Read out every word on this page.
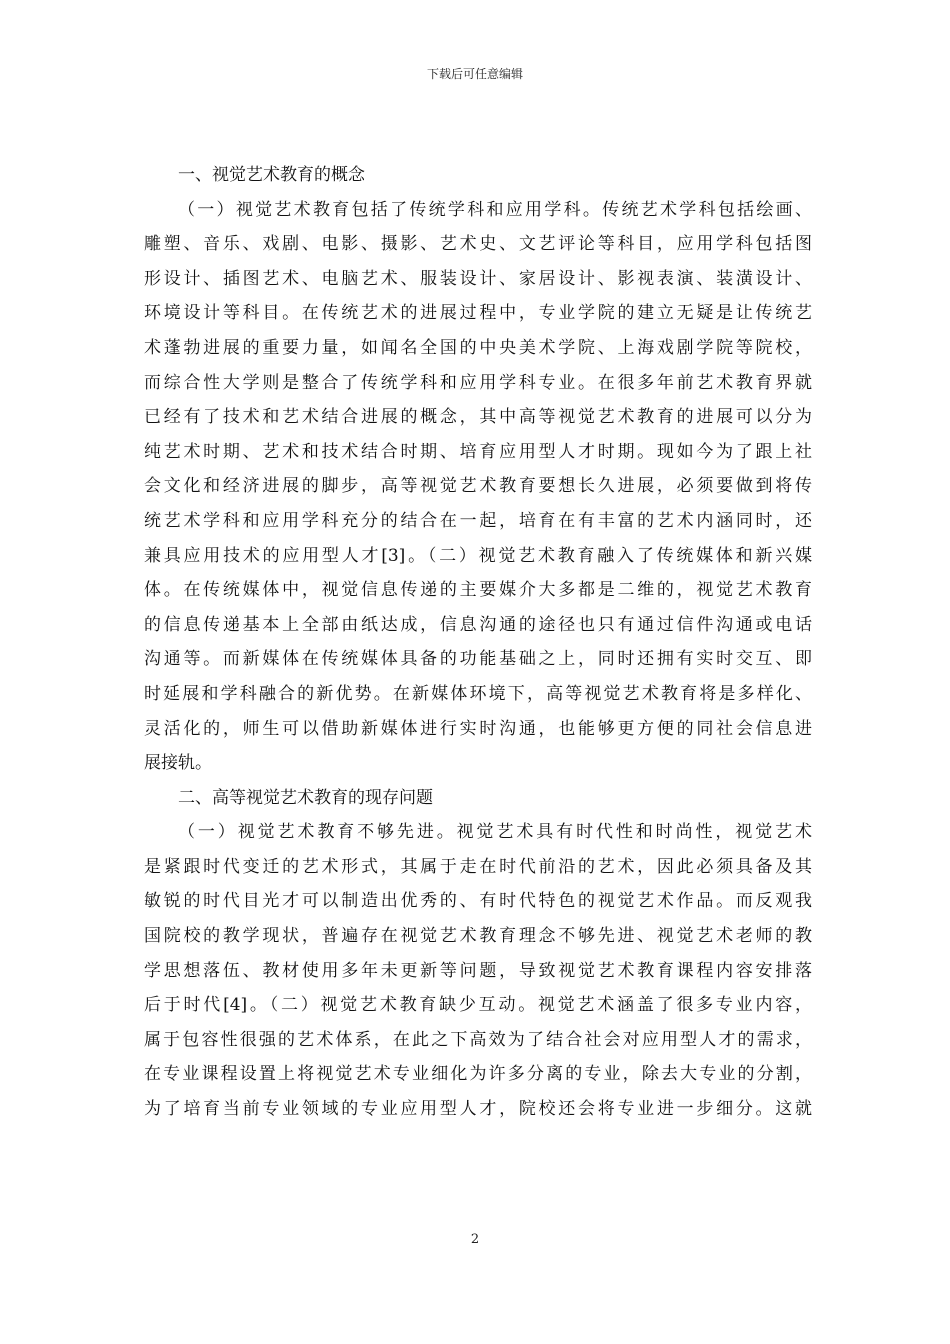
下载后可任意编辑
一、视觉艺术教育的概念
（一）视觉艺术教育包括了传统学科和应用学科。传统艺术学科包括绘画、
雕塑、音乐、戏剧、电影、摄影、艺术史、文艺评论等科目，应用学科包括图
形设计、插图艺术、电脑艺术、服装设计、家居设计、影视表演、装潢设计、
环境设计等科目。在传统艺术的进展过程中，专业学院的建立无疑是让传统艺
术蓬勃进展的重要力量，如闻名全国的中央美术学院、上海戏剧学院等院校，
而综合性大学则是整合了传统学科和应用学科专业。在很多年前艺术教育界就
已经有了技术和艺术结合进展的概念，其中高等视觉艺术教育的进展可以分为
纯艺术时期、艺术和技术结合时期、培育应用型人才时期。现如今为了跟上社
会文化和经济进展的脚步，高等视觉艺术教育要想长久进展，必须要做到将传
统艺术学科和应用学科充分的结合在一起，培育在有丰富的艺术内涵同时，还
兼具应用技术的应用型人才[3]。（二）视觉艺术教育融入了传统媒体和新兴媒
体。在传统媒体中，视觉信息传递的主要媒介大多都是二维的，视觉艺术教育
的信息传递基本上全部由纸达成，信息沟通的途径也只有通过信件沟通或电话
沟通等。而新媒体在传统媒体具备的功能基础之上，同时还拥有实时交互、即
时延展和学科融合的新优势。在新媒体环境下，高等视觉艺术教育将是多样化、
灵活化的，师生可以借助新媒体进行实时沟通，也能够更方便的同社会信息进
展接轨。
二、高等视觉艺术教育的现存问题
（一）视觉艺术教育不够先进。视觉艺术具有时代性和时尚性，视觉艺术
是紧跟时代变迁的艺术形式，其属于走在时代前沿的艺术，因此必须具备及其
敏锐的时代目光才可以制造出优秀的、有时代特色的视觉艺术作品。而反观我
国院校的教学现状，普遍存在视觉艺术教育理念不够先进、视觉艺术老师的教
学思想落伍、教材使用多年未更新等问题，导致视觉艺术教育课程内容安排落
后于时代[4]。（二）视觉艺术教育缺少互动。视觉艺术涵盖了很多专业内容，
属于包容性很强的艺术体系，在此之下高效为了结合社会对应用型人才的需求，
在专业课程设置上将视觉艺术专业细化为许多分离的专业，除去大专业的分割，
为了培育当前专业领域的专业应用型人才，院校还会将专业进一步细分。这就
2
